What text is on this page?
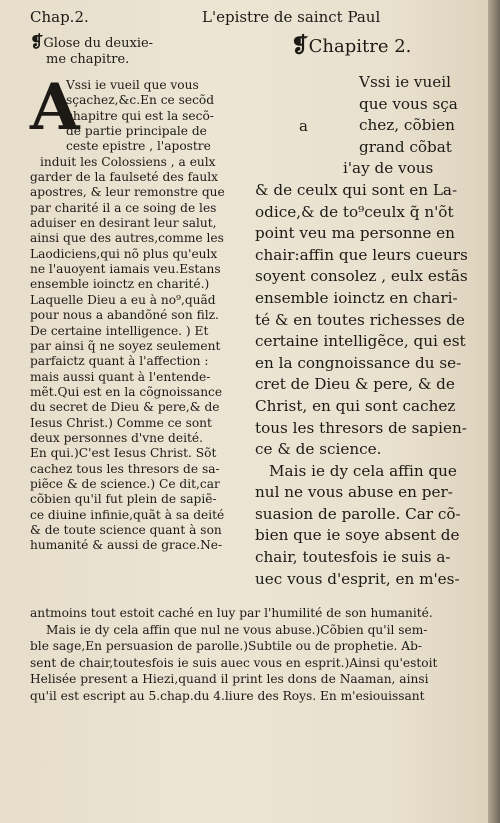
Chap.2.	L'epistre de sainct Paul
❡Glose du deuxie-
me chapitre.
A
Vssi ie vueil que vous
sçachez,&c.En ce secõd
chapitre qui est la secõ-
de partie principale de
ceste epistre , l'apostre
induit les Colossiens , a eulx
garder de la faulseté des faulx
apostres, & leur remonstre que
par charité il a ce soing de les
aduiser en desirant leur salut,
ainsi que des autres,comme les
Laodiciens,qui nõ plus qu'eulx
ne l'auoyent iamais veu.Estans
ensemble ioinctz en charité.)
Laquelle Dieu a eu à no⁹,quãd
pour nous a abandõné son filz.
De certaine intelligence. ) Et
par ainsi q̃ ne soyez seulement
parfaictz quant à l'affection :
mais aussi quant à l'entende-
mẽt.Qui est en la cõgnoissance
du secret de Dieu & pere,& de
Iesus Christ.) Comme ce sont
deux personnes d'vne deité.
En qui.)C'est Iesus Christ. Sõt
cachez tous les thresors de sa-
piẽce & de science.) Ce dit,car
cõbien qu'il fut plein de sapiẽ-
ce diuine infinie,quãt à sa deité
& de toute science quant à son
humanité & aussi de grace.Ne-
❡Chapitre 2.
a
Vssi ie vueil
que vous sça
chez, cõbien
grand cõbat
i'ay de vous
& de ceulx qui sont en La-
odice,& de to⁹ceulx q̃ n'õt
point veu ma personne en
chair:affin que leurs cueurs
soyent consolez , eulx estãs
ensemble ioinctz en chari-
té & en toutes richesses de
certaine intelligẽce, qui est
en la congnoissance du se-
cret de Dieu & pere, & de
Christ, en qui sont cachez
tous les thresors de sapien-
ce & de science.
Mais ie dy cela affin que
nul ne vous abuse en per-
suasion de parolle. Car cõ-
bien que ie soye absent de
chair, toutesfois ie suis a-
uec vous d'esprit, en m'es-
antmoins tout estoit caché en luy par l'humilité de son humanité.
Mais ie dy cela affin que nul ne vous abuse.)Cõbien qu'il sem-
ble sage,En persuasion de parolle.)Subtile ou de prophetie. Ab-
sent de chair,toutesfois ie suis auec vous en esprit.)Ainsi qu'estoit
Helisée present a Hiezi,quand il print les dons de Naaman, ainsi
qu'il est escript au 5.chap.du 4.liure des Roys. En m'esiouissant
